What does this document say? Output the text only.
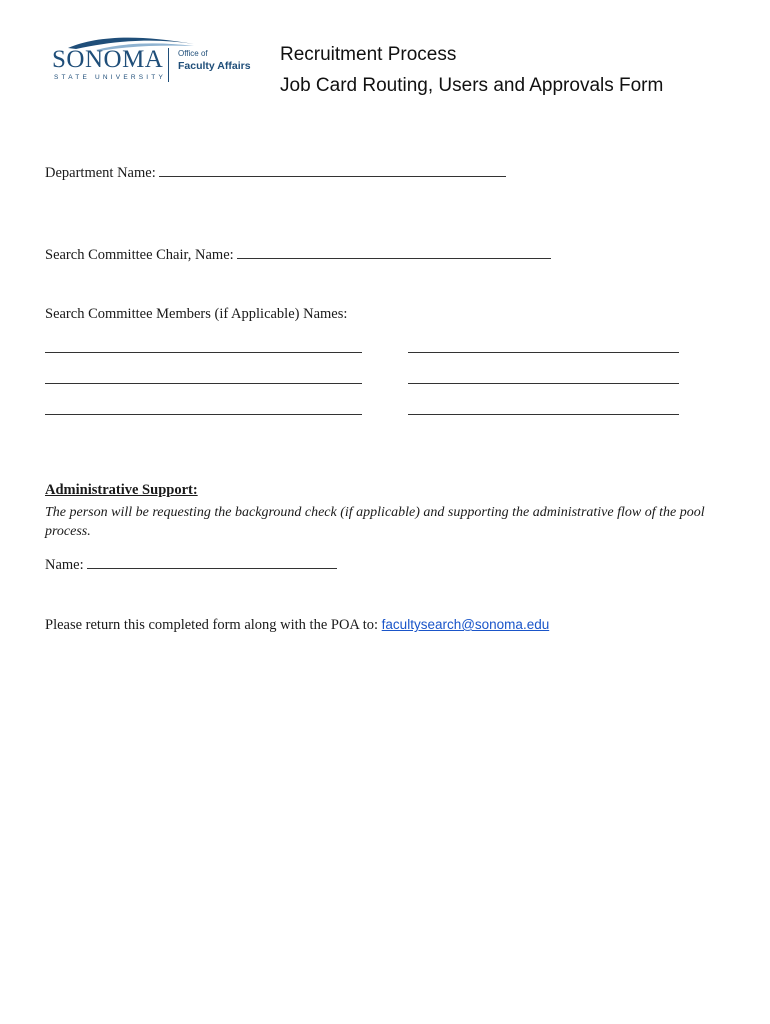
SONOMA
STATE UNIVERSITY
Office of
Faculty Affairs
Recruitment Process
Job Card Routing, Users and Approvals Form
Department Name:
Search Committee Chair, Name:
Search Committee Members (if Applicable) Names:
Administrative Support:
The person will be requesting the background check (if applicable) and supporting the administrative flow of the pool process.
Name:
Please return this completed form along with the POA to: facultysearch@sonoma.edu
